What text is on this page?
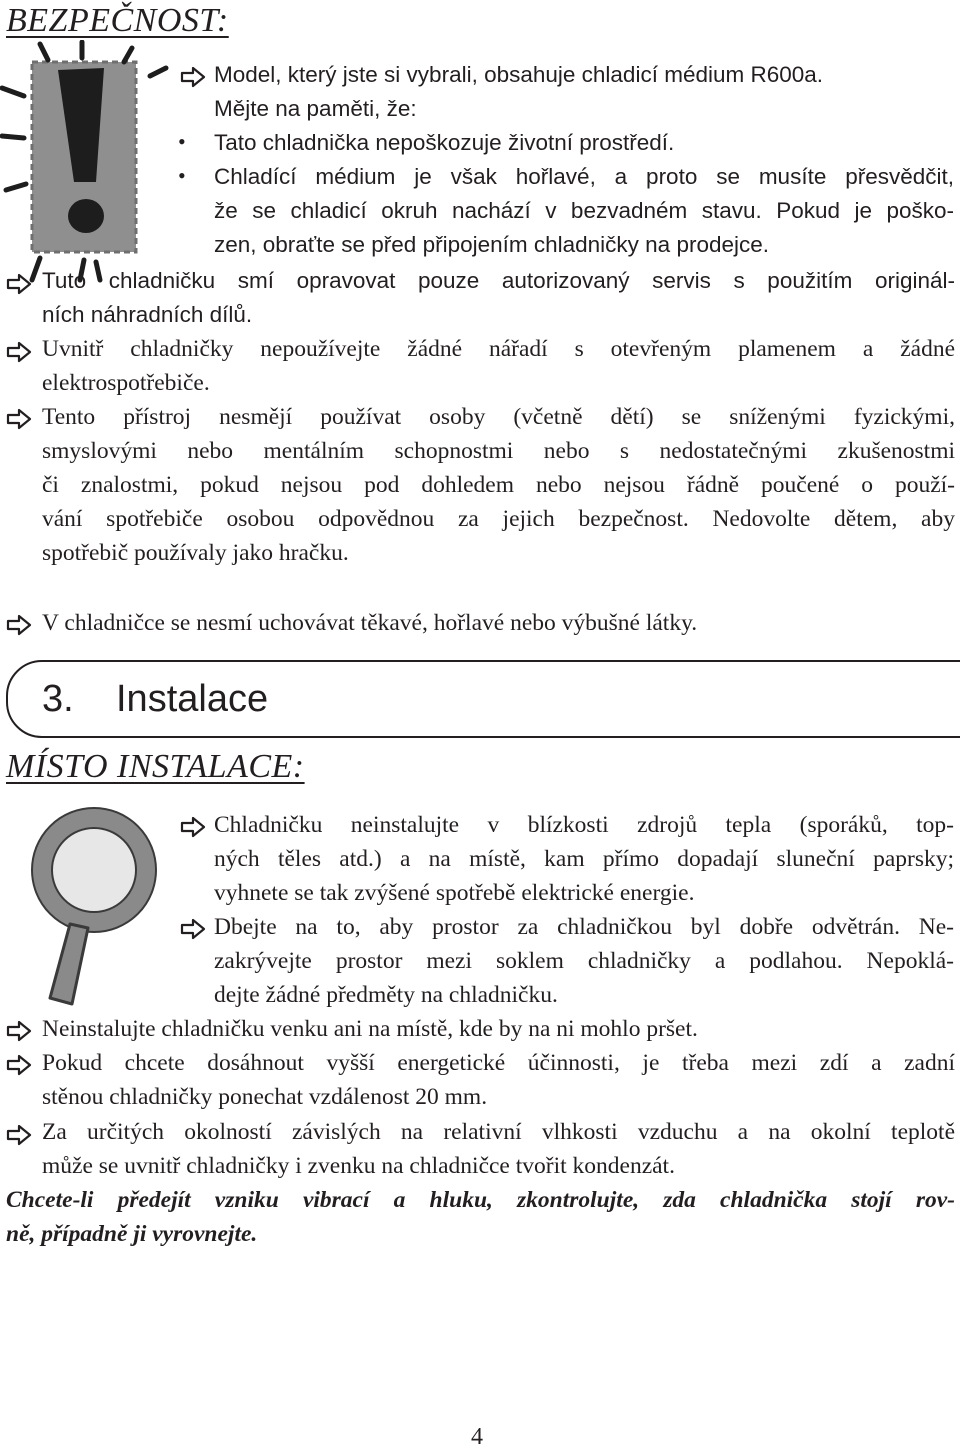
BEZPEČNOST:
Model, který jste si vybrali, obsahuje chladicí médium R600a.
Mějte na paměti, že:
• Tato chladnička nepoškozuje životní prostředí.
• Chladící médium je však hořlavé, a proto se musíte přesvědčit,
že se chladicí okruh nachází v bezvadném stavu. Pokud je poško-
zen, obraťte se před připojením chladničky na prodejce.
Tuto chladničku smí opravovat pouze autorizovaný servis s použitím originál-
ních náhradních dílů.
Uvnitř chladničky nepoužívejte žádné nářadí s otevřeným plamenem a žádné
elektrospotřebiče.
Tento přístroj nesmějí používat osoby (včetně dětí) se sníženými fyzickými,
smyslovými nebo mentálním schopnostmi nebo s nedostatečnými zkušenostmi
či znalostmi, pokud nejsou pod dohledem nebo nejsou řádně poučené o použí-
vání spotřebiče osobou odpovědnou za jejich bezpečnost. Nedovolte dětem, aby
spotřebič používaly jako hračku.
V chladničce se nesmí uchovávat těkavé, hořlavé nebo výbušné látky.
3. Instalace
MÍSTO INSTALACE:
Chladničku neinstalujte v blízkosti zdrojů tepla (sporáků, top-
ných těles atd.) a na místě, kam přímo dopadají sluneční paprsky;
vyhnete se tak zvýšené spotřebě elektrické energie.
Dbejte na to, aby prostor za chladničkou byl dobře odvětrán. Ne-
zakrývejte prostor mezi soklem chladničky a podlahou. Nepoklá-
dejte žádné předměty na chladničku.
Neinstalujte chladničku venku ani na místě, kde by na ni mohlo pršet.
Pokud chcete dosáhnout vyšší energetické účinnosti, je třeba mezi zdí a zadní
stěnou chladničky ponechat vzdálenost 20 mm.
Za určitých okolností závislých na relativní vlhkosti vzduchu a na okolní teplotě
může se uvnitř chladničky i zvenku na chladničce tvořit kondenzát.
Chcete-li předejít vzniku vibrací a hluku, zkontrolujte, zda chladnička stojí rov-
ně, případně ji vyrovnejte.
4
